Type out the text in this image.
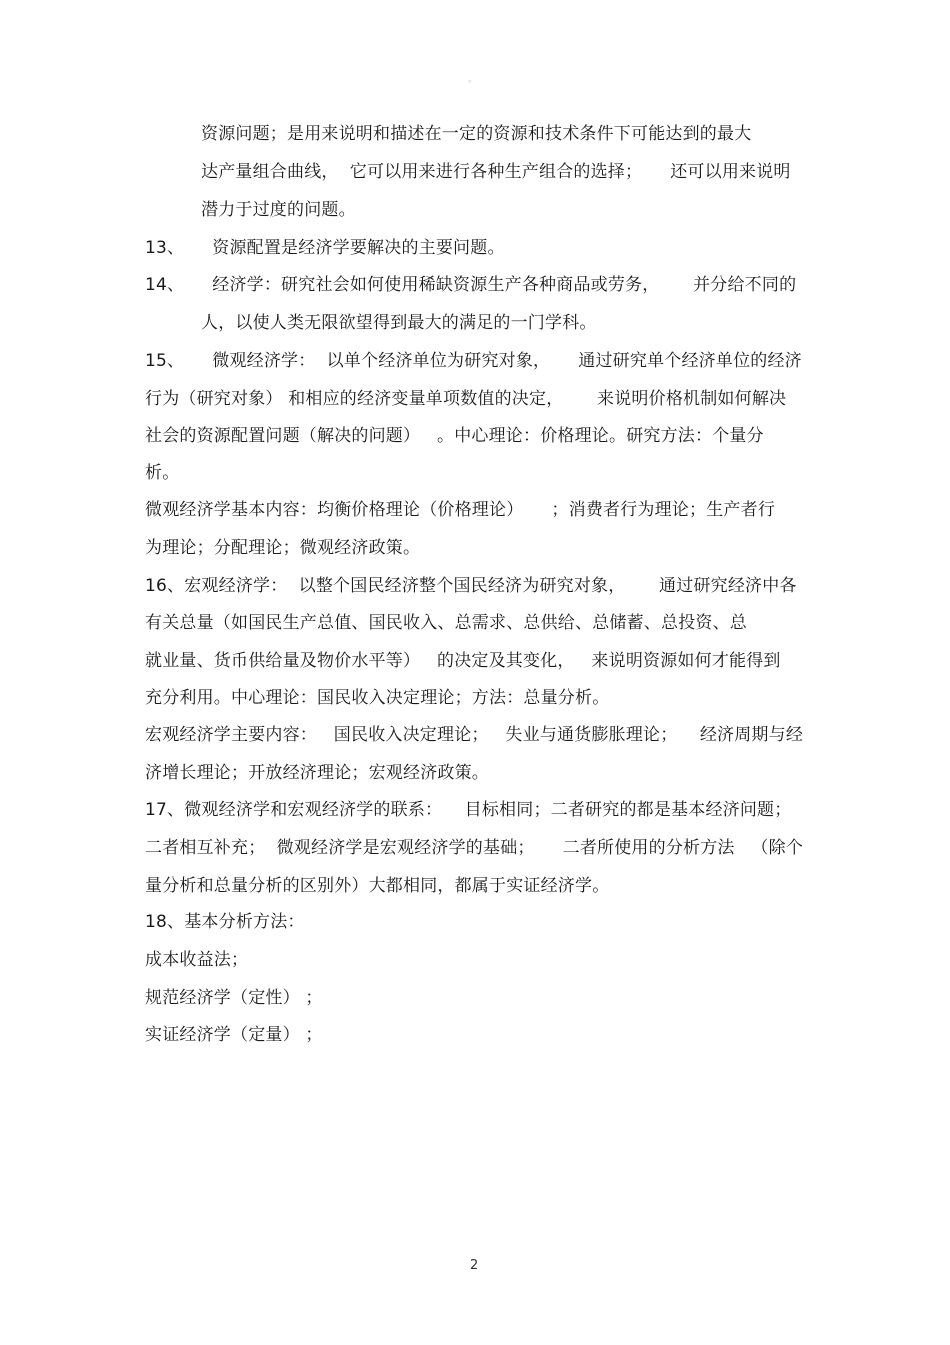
。
资源问题；是用来说明和描述在一定的资源和技术条件下可能达到的最大
达产量组合曲线，  它可以用来进行各种生产组合的选择；     还可以用来说明
潜力于过度的问题。
13、     资源配置是经济学要解决的主要问题。
14、     经济学：研究社会如何使用稀缺资源生产各种商品或劳务，      并分给不同的
人，以使人类无限欲望得到最大的满足的一门学科。
15、     微观经济学：  以单个经济单位为研究对象，     通过研究单个经济单位的经济
行为（研究对象） 和相应的经济变量单项数值的决定，      来说明价格机制如何解决
社会的资源配置问题（解决的问题）   。中心理论：价格理论。研究方法：个量分
析。
微观经济学基本内容：均衡价格理论（价格理论）     ；消费者行为理论；生产者行
为理论；分配理论；微观经济政策。
16、宏观经济学：  以整个国民经济整个国民经济为研究对象，      通过研究经济中各
有关总量（如国民生产总值、国民收入、总需求、总供给、总储蓄、总投资、总
就业量、货币供给量及物价水平等）   的决定及其变化，   来说明资源如何才能得到
充分利用。中心理论：国民收入决定理论；方法：总量分析。
宏观经济学主要内容：   国民收入决定理论；   失业与通货膨胀理论；    经济周期与经
济增长理论；开放经济理论；宏观经济政策。
17、微观经济学和宏观经济学的联系：    目标相同；二者研究的都是基本经济问题；
二者相互补充；  微观经济学是宏观经济学的基础；     二者所使用的分析方法   （除个
量分析和总量分析的区别外）大都相同，都属于实证经济学。
18、基本分析方法：
成本收益法；
规范经济学（定性） ；
实证经济学（定量） ；
2
